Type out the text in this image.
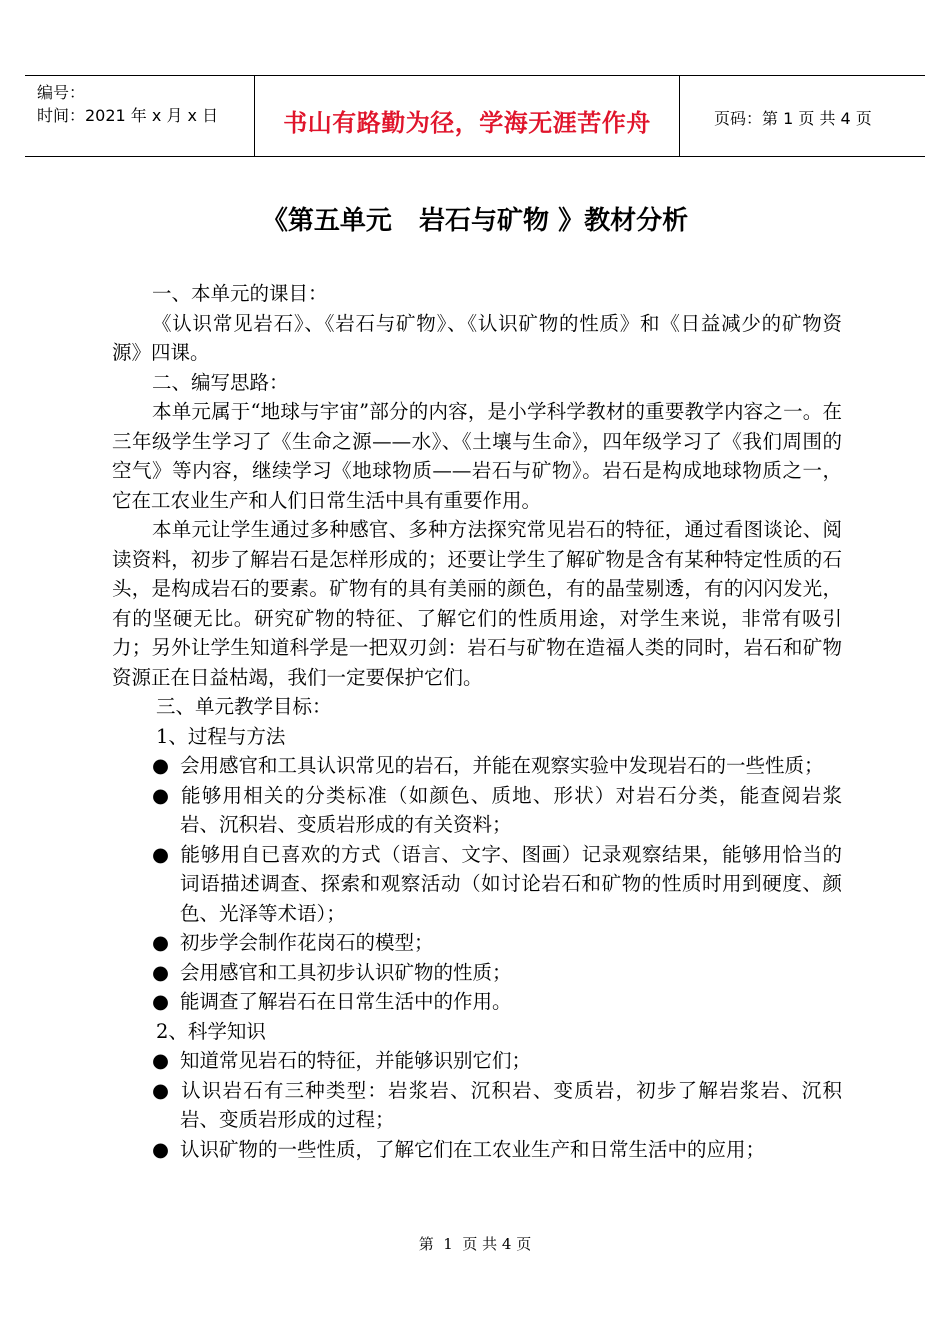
编号：
时间：2021 年 x 月 x 日	书山有路勤为径，学海无涯苦作舟	页码：第 1 页 共 4 页
《第五单元   岩石与矿物 》教材分析

一、本单元的课目：

《认识常见岩石》、《岩石与矿物》、《认识矿物的性质》和《日益减少的矿物资源》四课。

二、编写思路：

本单元属于“地球与宇宙”部分的内容，是小学科学教材的重要教学内容之一。在三年级学生学习了《生命之源——水》、《土壤与生命》，四年级学习了《我们周围的空气》等内容，继续学习《地球物质——岩石与矿物》。岩石是构成地球物质之一，它在工农业生产和人们日常生活中具有重要作用。

本单元让学生通过多种感官、多种方法探究常见岩石的特征，通过看图谈论、阅读资料，初步了解岩石是怎样形成的；还要让学生了解矿物是含有某种特定性质的石头，是构成岩石的要素。矿物有的具有美丽的颜色，有的晶莹剔透，有的闪闪发光，有的坚硬无比。研究矿物的特征、了解它们的性质用途，对学生来说，非常有吸引力；另外让学生知道科学是一把双刃剑：岩石与矿物在造福人类的同时，岩石和矿物资源正在日益枯竭，我们一定要保护它们。

三、单元教学目标：

1、过程与方法

● 会用感官和工具认识常见的岩石，并能在观察实验中发现岩石的一些性质；

● 能够用相关的分类标准（如颜色、质地、形状）对岩石分类，能查阅岩浆岩、沉积岩、变质岩形成的有关资料；

● 能够用自已喜欢的方式（语言、文字、图画）记录观察结果，能够用恰当的词语描述调查、探索和观察活动（如讨论岩石和矿物的性质时用到硬度、颜色、光泽等术语）；

● 初步学会制作花岗石的模型；

● 会用感官和工具初步认识矿物的性质；

● 能调查了解岩石在日常生活中的作用。

2、科学知识

● 知道常见岩石的特征，并能够识别它们；

● 认识岩石有三种类型：岩浆岩、沉积岩、变质岩，初步了解岩浆岩、沉积岩、变质岩形成的过程；

● 认识矿物的一些性质，了解它们在工农业生产和日常生活中的应用；

第  1  页 共 4 页
